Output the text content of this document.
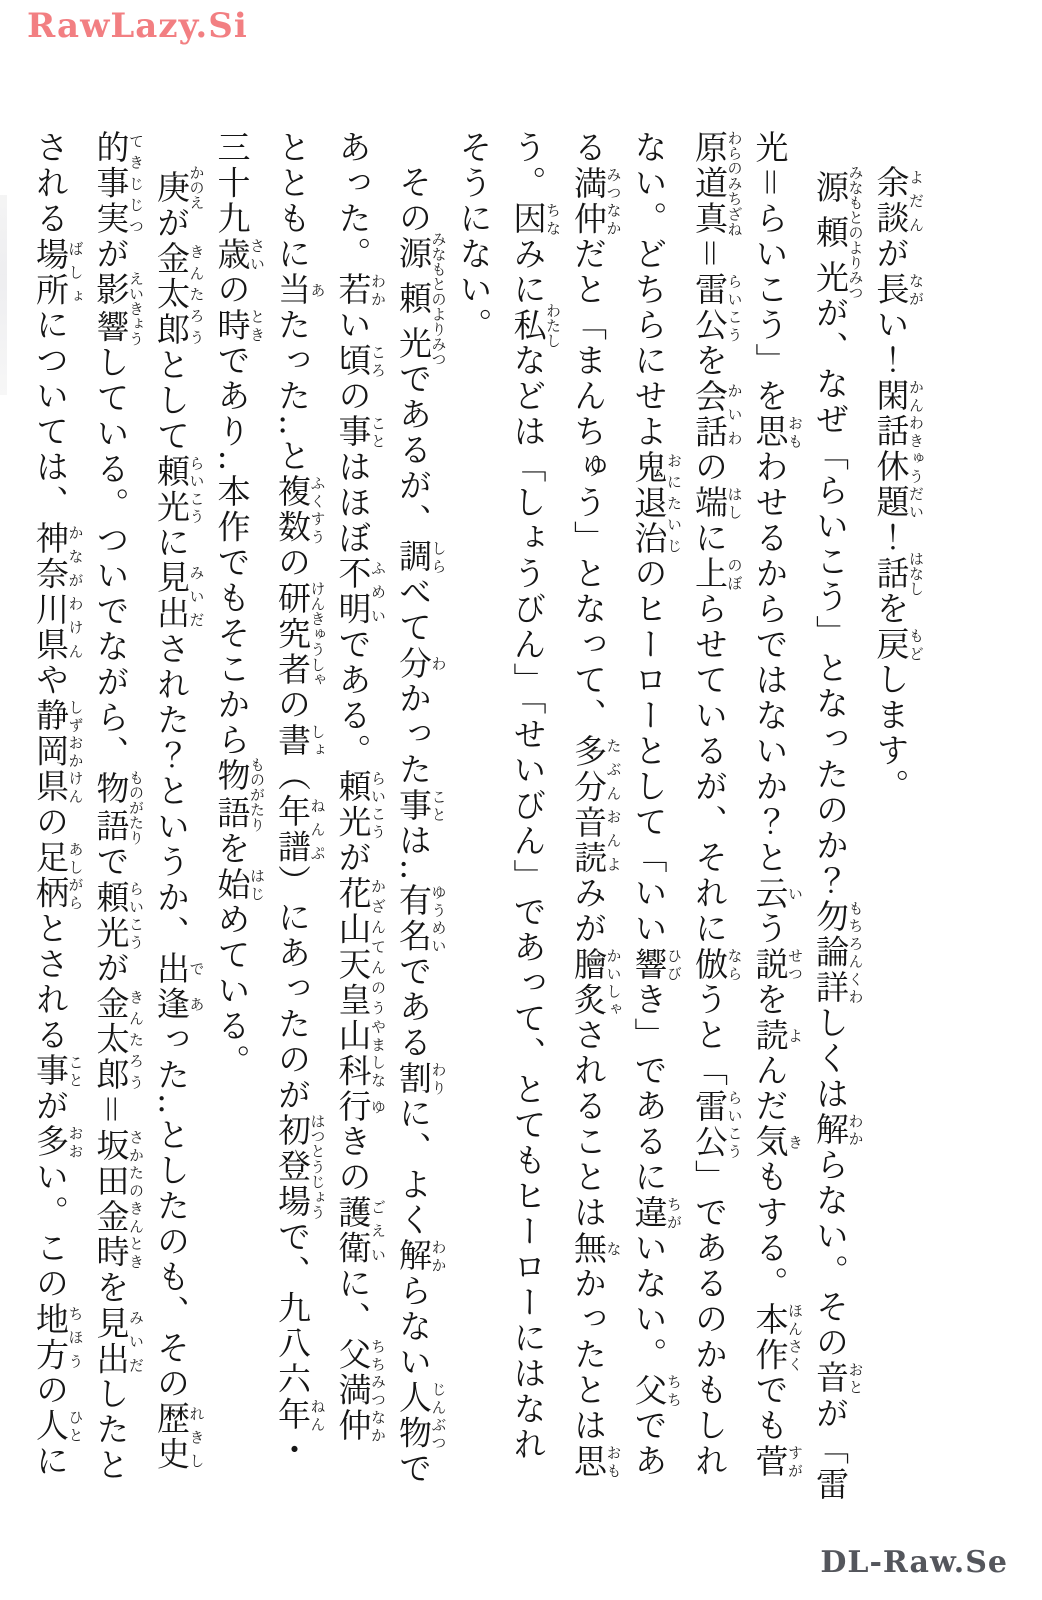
RawLazy.Si
余談よだんが長ながい！閑話休題かんわきゅうだい！話はなしを戻もどします。
源頼光みなもとのよりみつが、なぜ「らいこう」となったのか？勿論詳もちろんくわしくは解わからない。その音おとが「雷
光＝らいこう」を思おもわせるからではないか？と云いう説せつを読よんだ気きもする。本作ほんさくでも菅すが
原道真わらのみちざね＝雷公らいこうを会話かいわの端はしに上のぼらせているが、それに倣ならうと「雷公らいこう」であるのかもしれ
ない。どちらにせよ鬼退治おにたいじのヒーローとして「いい響ひびき」であるに違ちがいない。父ちちであ
る満仲みつなかだと「まんちゅう」となって、多分音読たぶんおんよみが膾炙かいしゃされることは無なかったとは思おも
う。因ちなみに私わたしなどは「しょうびん」「せいびん」であって、とてもヒーローにはなれ
そうにない。
その源頼光みなもとのよりみつであるが、調しらべて分わかった事ことは‥有名ゆうめいである割わりに、よく解わからない人物じんぶつで
あった。若わかい頃ころの事ことはほぼ不明ふめいである。頼光らいこうが花山天皇かざんてんのう山科やましな行ゆきの護衛ごえいに、父満仲ちちみつなか
とともに当あたった‥と複数ふくすうの研究者けんきゅうしゃの書しょ（年譜ねんぷ）にあったのが初登場はつとうじょうで、九八六年ねん・
三十九歳さいの時ときであり‥本作でもそこから物語ものがたりを始はじめている。
庚かのえが金太郎きんたろうとして頼光らいこうに見出みいだされた？というか、出逢であった‥としたのも、その歴史れきし
的事実てきじじつが影響えいきょうしている。ついでながら、物語ものがたりで頼光らいこうが金太郎きんたろう＝坂田金時さかたのきんときを見出みいだしたと
される場所ばしょについては、神奈川県かながわけんや静岡県しずおかけんの足柄あしがらとされる事ことが多おおい。この地方ちほうの人ひとに
DL-Raw.Se
